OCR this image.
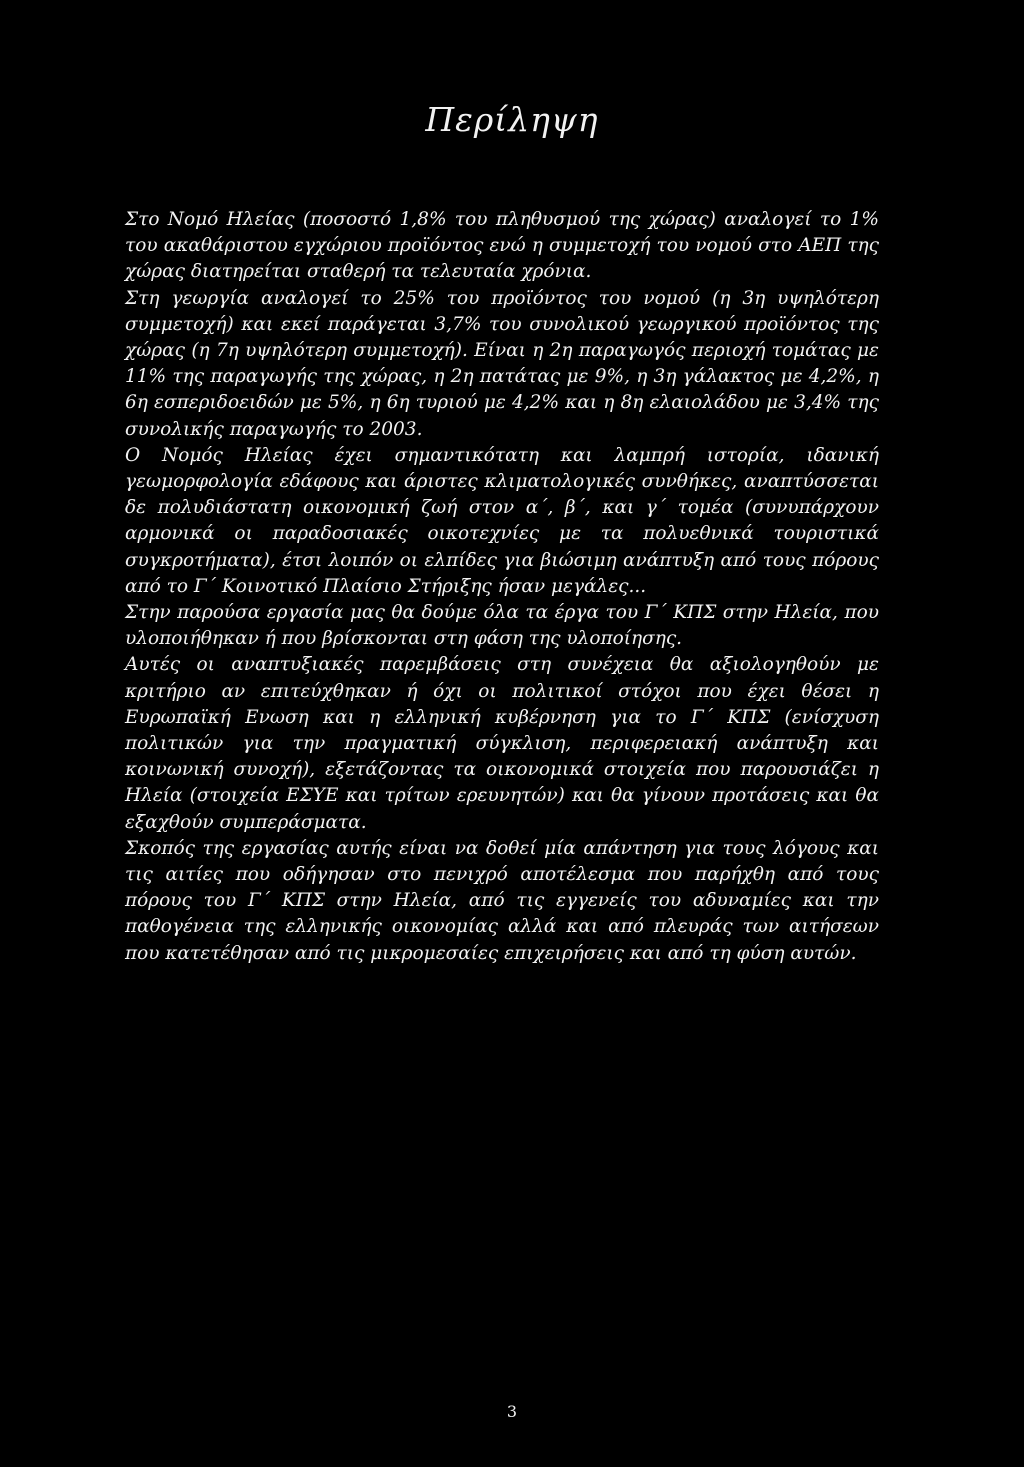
Περίληψη
Στο Νομό Ηλείας (ποσοστό 1,8% του πληθυσμού της χώρας) αναλογεί το 1% του ακαθάριστου εγχώριου προϊόντος ενώ η συμμετοχή του νομού στο ΑΕΠ της χώρας διατηρείται σταθερή τα τελευταία χρόνια.
Στη γεωργία αναλογεί το 25% του προϊόντος του νομού (η 3η υψηλότερη συμμετοχή) και εκεί παράγεται 3,7% του συνολικού γεωργικού προϊόντος της χώρας (η 7η υψηλότερη συμμετοχή). Είναι η 2η παραγωγός περιοχή τομάτας με 11% της παραγωγής της χώρας, η 2η πατάτας με 9%, η 3η γάλακτος με 4,2%, η 6η εσπεριδοειδών με 5%, η 6η τυριού με 4,2% και η 8η ελαιολάδου με 3,4% της συνολικής παραγωγής το 2003.
Ο Νομός Ηλείας έχει σημαντικότατη και λαμπρή ιστορία, ιδανική γεωμορφολογία εδάφους και άριστες κλιματολογικές συνθήκες, αναπτύσσεται δε πολυδιάστατη οικονομική ζωή στον α΄, β΄, και γ΄ τομέα (συνυπάρχουν αρμονικά οι παραδοσιακές οικοτεχνίες με τα πολυεθνικά τουριστικά συγκροτήματα), έτσι λοιπόν οι ελπίδες για βιώσιμη ανάπτυξη από τους πόρους από το Γ΄ Κοινοτικό Πλαίσιο Στήριξης ήσαν μεγάλες...
Στην παρούσα εργασία μας θα δούμε όλα τα έργα του Γ΄ ΚΠΣ στην Ηλεία, που υλοποιήθηκαν ή που βρίσκονται στη φάση της υλοποίησης.
Αυτές οι αναπτυξιακές παρεμβάσεις στη συνέχεια θα αξιολογηθούν με κριτήριο αν επιτεύχθηκαν ή όχι οι πολιτικοί στόχοι που έχει θέσει η Ευρωπαϊκή Ενωση και η ελληνική κυβέρνηση για το Γ΄ ΚΠΣ (ενίσχυση πολιτικών για την πραγματική σύγκλιση, περιφερειακή ανάπτυξη και κοινωνική συνοχή), εξετάζοντας τα οικονομικά στοιχεία που παρουσιάζει η Ηλεία (στοιχεία ΕΣΥΕ και τρίτων ερευνητών) και θα γίνουν προτάσεις και θα εξαχθούν συμπεράσματα.
Σκοπός της εργασίας αυτής είναι να δοθεί μία απάντηση για τους λόγους και τις αιτίες που οδήγησαν στο πενιχρό αποτέλεσμα που παρήχθη από τους πόρους του Γ΄ ΚΠΣ στην Ηλεία, από τις εγγενείς του αδυναμίες και την παθογένεια της ελληνικής οικονομίας αλλά και από πλευράς των αιτήσεων που κατετέθησαν από τις μικρομεσαίες επιχειρήσεις και από τη φύση αυτών.
3
